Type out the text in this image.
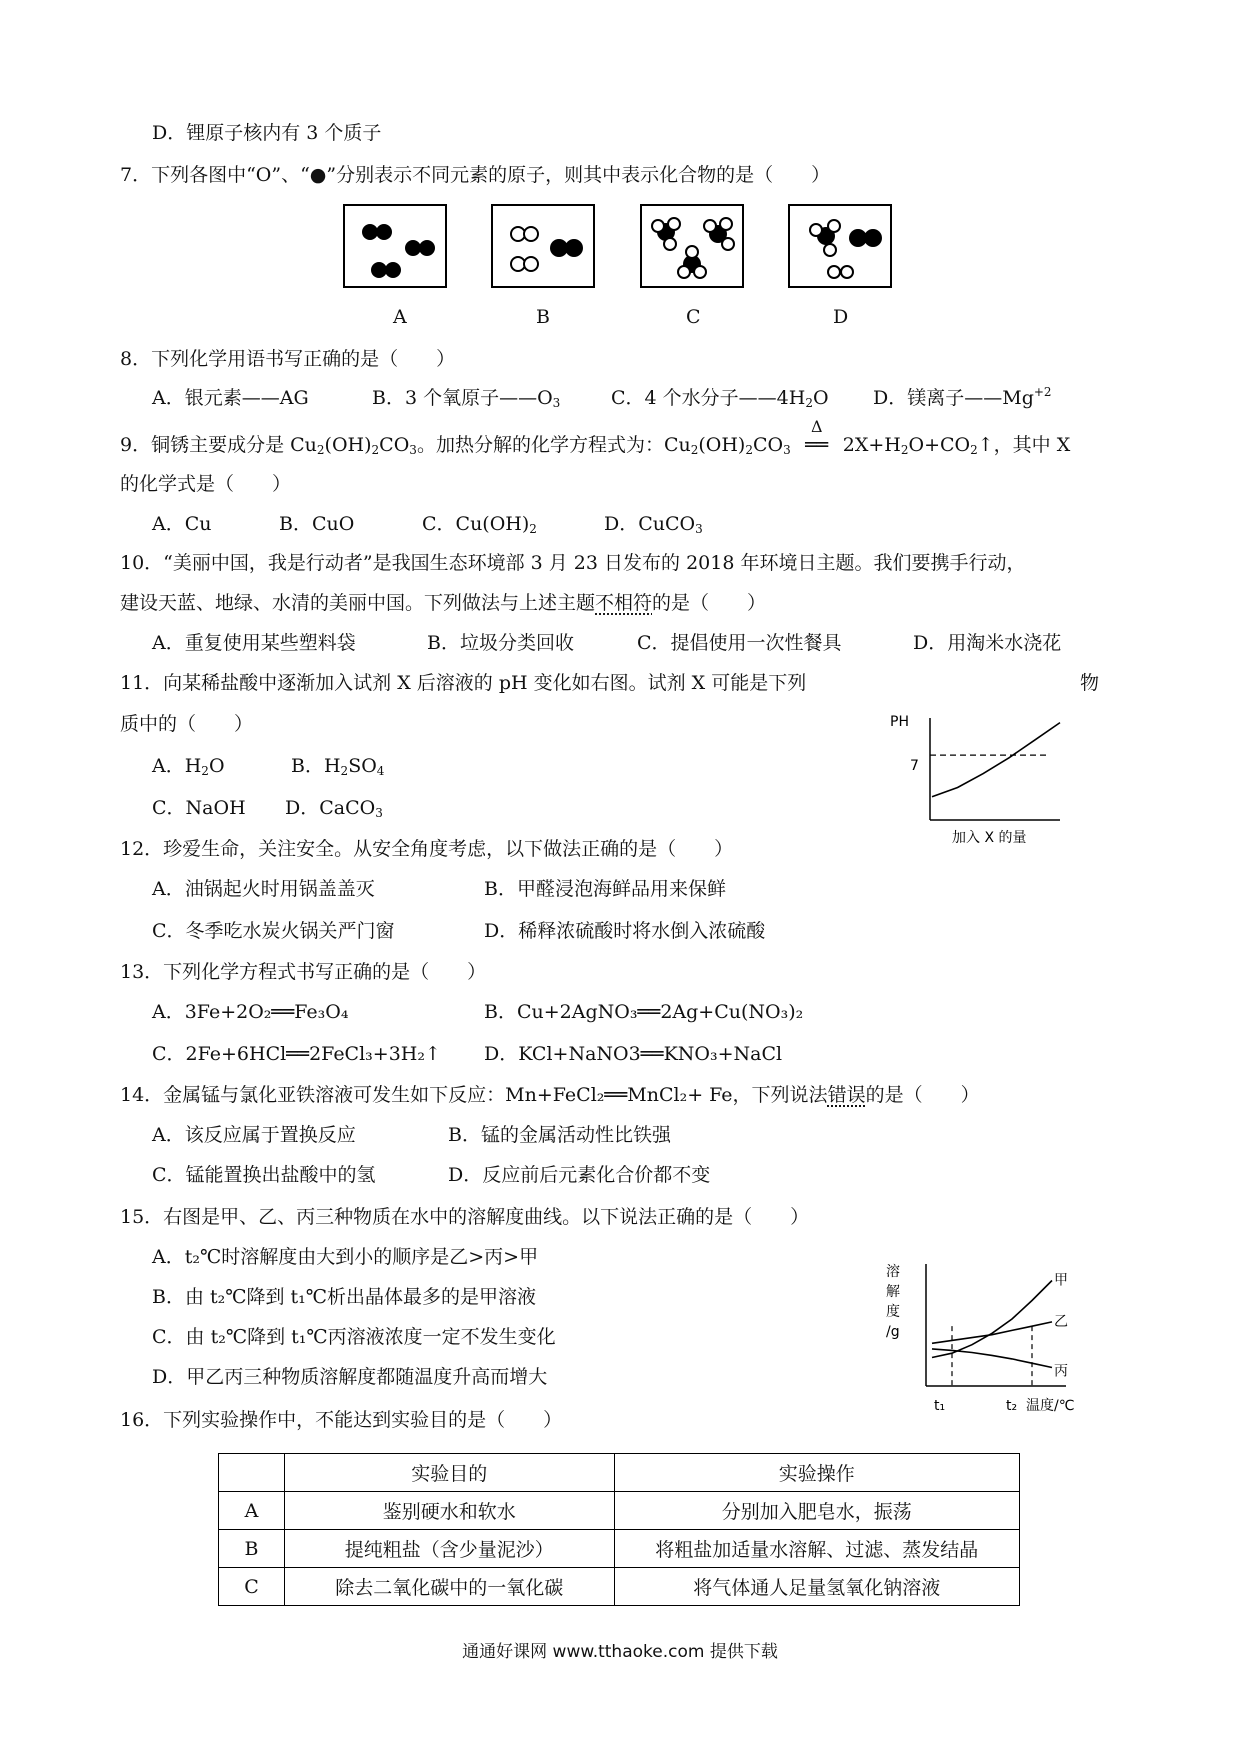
D．锂原子核内有 3 个质子
7．下列各图中“O”、“●”分别表示不同元素的原子，则其中表示化合物的是（　　）
A	B	C	D
8．下列化学用语书写正确的是（　　）
A．银元素——AG	B．3 个氧原子$——O_3$	C．4 个水分子$——4H_2O$ D．镁离子$——Mg^{+2}$
9．铜锈主要成分是 $Cu_2(OH)_2CO_3$。加热分解的化学方程式为：$Cu_2(OH)_2CO_3$
Δ
══ $2X+H_2O+CO_2↑$，其中 X
的化学式是（　　）
A．Cu	B．CuO	C．$Cu(OH)_2$	D．CuCO$_3$
10．“美丽中国，我是行动者”是我国生态环境部 3 月 23 日发布的 2018 年环境日主题。我们要携手行动，
建设天蓝、地绿、水清的美丽中国。下列做法与上述主题不相符的是（　　）
A．重复使用某些塑料袋	B．垃圾分类回收	C．提倡使用一次性餐具	D．用淘米水浇花
11．向某稀盐酸中逐渐加入试剂 X 后溶液的 pH 变化如右图。试剂 X 可能是下列	物
质中的（　　）
A．$H_2O$	B．$H_2SO_4$
C．NaOH D．CaCO$_3$
PH
7
加入 X 的量
12．珍爱生命，关注安全。从安全角度考虑，以下做法正确的是（　　）
A．油锅起火时用锅盖盖灭	B．甲醛浸泡海鲜品用来保鲜
C．冬季吃水炭火锅关严门窗	D．稀释浓硫酸时将水倒入浓硫酸
13．下列化学方程式书写正确的是（　　）
A．3Fe+2O₂══Fe₃O₄	B．Cu+2AgNO₃══2Ag+Cu(NO₃)₂
C．2Fe+6HCl══2FeCl₃+3H₂↑ D．KCl+NaNO3══KNO₃+NaCl
14．金属锰与氯化亚铁溶液可发生如下反应：Mn+FeCl₂══MnCl₂+ Fe，下列说法错误的是（　　）
A．该反应属于置换反应	B．锰的金属活动性比铁强
C．锰能置换出盐酸中的氢	D．反应前后元素化合价都不变
15．右图是甲、乙、丙三种物质在水中的溶解度曲线。以下说法正确的是（　　）
A．t₂℃时溶解度由大到小的顺序是乙>丙>甲
B．由 t₂℃降到 t₁℃析出晶体最多的是甲溶液
C．由 t₂℃降到 t₁℃丙溶液浓度一定不发生变化
D．甲乙丙三种物质溶解度都随温度升高而增大
溶 解 度 /g
甲
乙
丙
t₁	t₂ 温度/℃
16．下列实验操作中，不能达到实验目的是（　　）
	实验目的	实验操作
A	鉴别硬水和软水	分别加入肥皂水，振荡
B	提纯粗盐（含少量泥沙）	将粗盐加适量水溶解、过滤、蒸发结晶
C	除去二氧化碳中的一氧化碳	将气体通人足量氢氧化钠溶液
通通好课网 www.tthaoke.com 提供下载
